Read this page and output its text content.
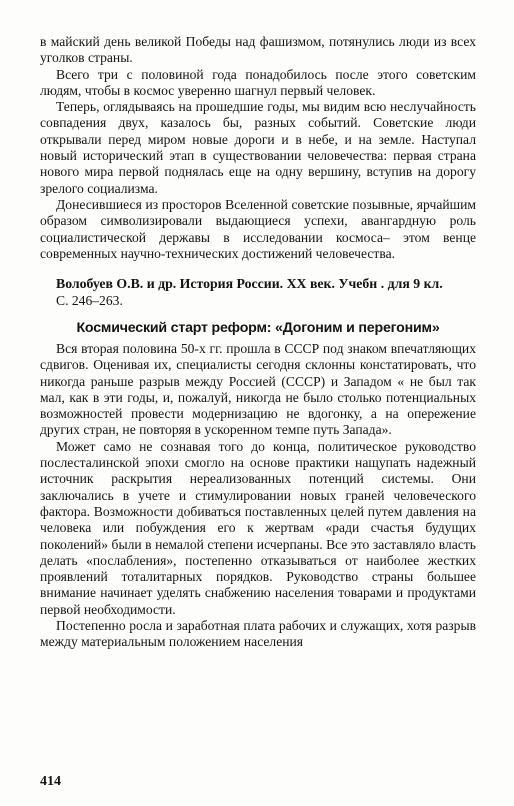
в майский день великой Победы над фашизмом, потянулись люди из всех уголков страны.

Всего три с половиной года понадобилось после этого советским людям, чтобы в космос уверенно шагнул первый человек.

Теперь, оглядываясь на прошедшие годы, мы видим всю неслучайность совпадения двух, казалось бы, разных событий. Советские люди открывали перед миром новые дороги и в небе, и на земле. Наступал новый исторический этап в существовании человечества: первая страна нового мира первой поднялась еще на одну вершину, вступив на дорогу зрелого социализма.

Донесившиеся из просторов Вселенной советские позывные, ярчайшим образом символизировали выдающиеся успехи, авангардную роль социалистической державы в исследовании космоса– этом венце современных научно-технических достижений человечества.

Волобуев О.В. и др. История России. XX век. Учебн . для 9 кл.

С. 246–263.

Космический старт реформ: «Догоним и перегоним»

Вся вторая половина 50-х гг. прошла в СССР под знаком впечатляющих сдвигов. Оценивая их, специалисты сегодня склонны констатировать, что никогда раньше разрыв между Россией (СССР) и Западом « не был так мал, как в эти годы, и, пожалуй, никогда не было столько потенциальных возможностей провести модернизацию не вдогонку, а на опережение других стран, не повторяя в ускоренном темпе путь Запада».

Может само не сознавая того до конца, политическое руководство послесталинской эпохи смогло на основе практики нащупать надежный источник раскрытия нереализованных потенций системы. Они заключались в учете и стимулировании новых граней человеческого фактора. Возможности добиваться поставленных целей путем давления на человека или побуждения его к жертвам «ради счастья будущих поколений» были в немалой степени исчерпаны. Все это заставляло власть делать «послабления», постепенно отказываться от наиболее жестких проявлений тоталитарных порядков. Руководство страны большее внимание начинает уделять снабжению населения товарами и продуктами первой необходимости.

Постепенно росла и заработная плата рабочих и служащих, хотя разрыв между материальным положением населения

414
